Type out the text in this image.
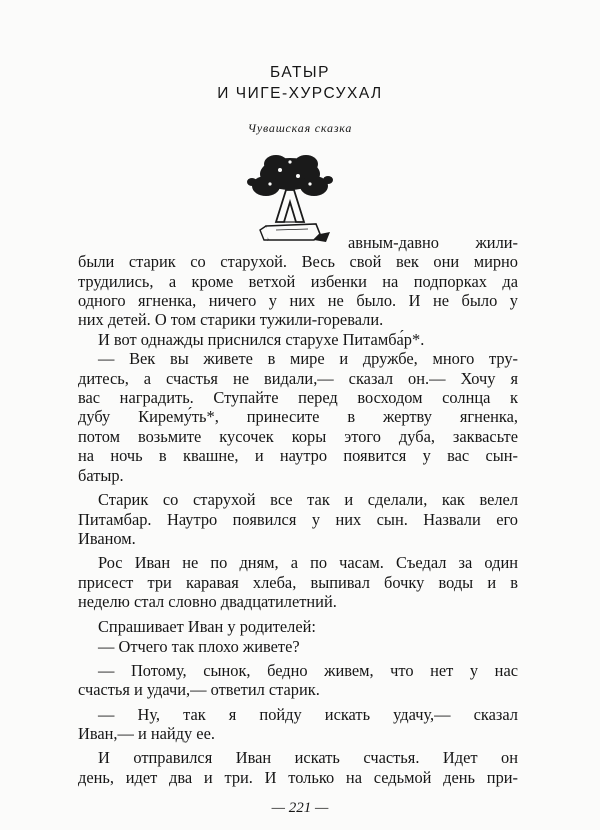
БАТЫР
И ЧИГЕ-ХУРСУХАЛ
Чувашская сказка
авным-давно жили-
были старик со старухой. Весь свой век они мирно
трудились, а кроме ветхой избенки на подпорках да
одного ягненка, ничего у них не было. И не было у
них детей. О том старики тужили-горевали.
И вот однажды приснился старухе Питамба́р*.
— Век вы живете в мире и дружбе, много тру-
дитесь, а счастья не видали,— сказал он.— Хочу я
вас наградить. Ступайте перед восходом солнца к
дубу Кирему́ть*, принесите в жертву ягненка,
потом возьмите кусочек коры этого дуба, заквасьте
на ночь в квашне, и наутро появится у вас сын-
батыр.
Старик со старухой все так и сделали, как велел
Питамбар. Наутро появился у них сын. Назвали его
Иваном.
Рос Иван не по дням, а по часам. Съедал за один
присест три каравая хлеба, выпивал бочку воды и в
неделю стал словно двадцатилетний.
Спрашивает Иван у родителей:
— Отчего так плохо живете?
— Потому, сынок, бедно живем, что нет у нас
счастья и удачи,— ответил старик.
— Ну, так я пойду искать удачу,— сказал
Иван,— и найду ее.
И отправился Иван искать счастья. Идет он
день, идет два и три. И только на седьмой день при-
— 221 —
